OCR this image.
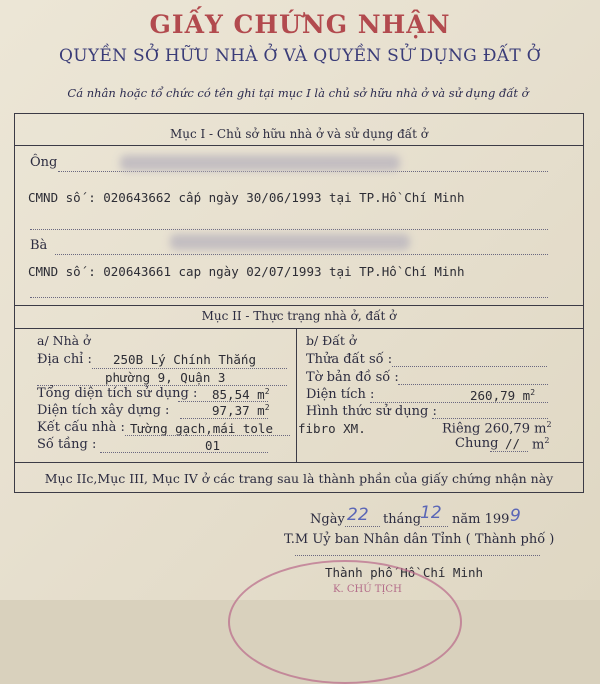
GIẤY CHỨNG NHẬN
QUYỀN SỞ HỮU NHÀ Ở VÀ QUYỀN SỬ DỤNG ĐẤT Ở
Cá nhân hoặc tổ chức có tên ghi tại mục I là chủ sở hữu nhà ở và sử dụng đất ở
Mục I - Chủ sở hữu nhà ở và sử dụng đất ở
Ông
CMND số : 020643662 cấp ngày 30/06/1993 tại TP.Hồ Chí Minh
Bà
CMND số : 020643661 cap ngày 02/07/1993 tại TP.Hồ Chí Minh
Mục II - Thực trạng nhà ở, đất ở
a/ Nhà ở
Địa chỉ : 250B Lý Chính Thắng
phường 9, Quận 3
Tổng diện tích sử dụng : 85,54 $m^2$
Diện tích xây dựng :	97,37 $m^2$
Kết cấu nhà : Tường gạch,mái tole
Số tầng :	01
b/ Đất ở
Thửa đất số :
Tờ bản đồ số :
Diện tích :	260,79 $m^2$
Hình thức sử dụng :
fibro XM.	Riêng 260,79 $m^2$
Chung // $m^2$
Mục IIc,Mục III, Mục IV ở các trang sau là thành phần của giấy chứng nhận này
Ngày 22 tháng
12 năm 199 9
T.M Uỷ ban Nhân dân Tỉnh ( Thành phố )
Thành phố Hồ Chí Minh
K. CHỦ TỊCH
